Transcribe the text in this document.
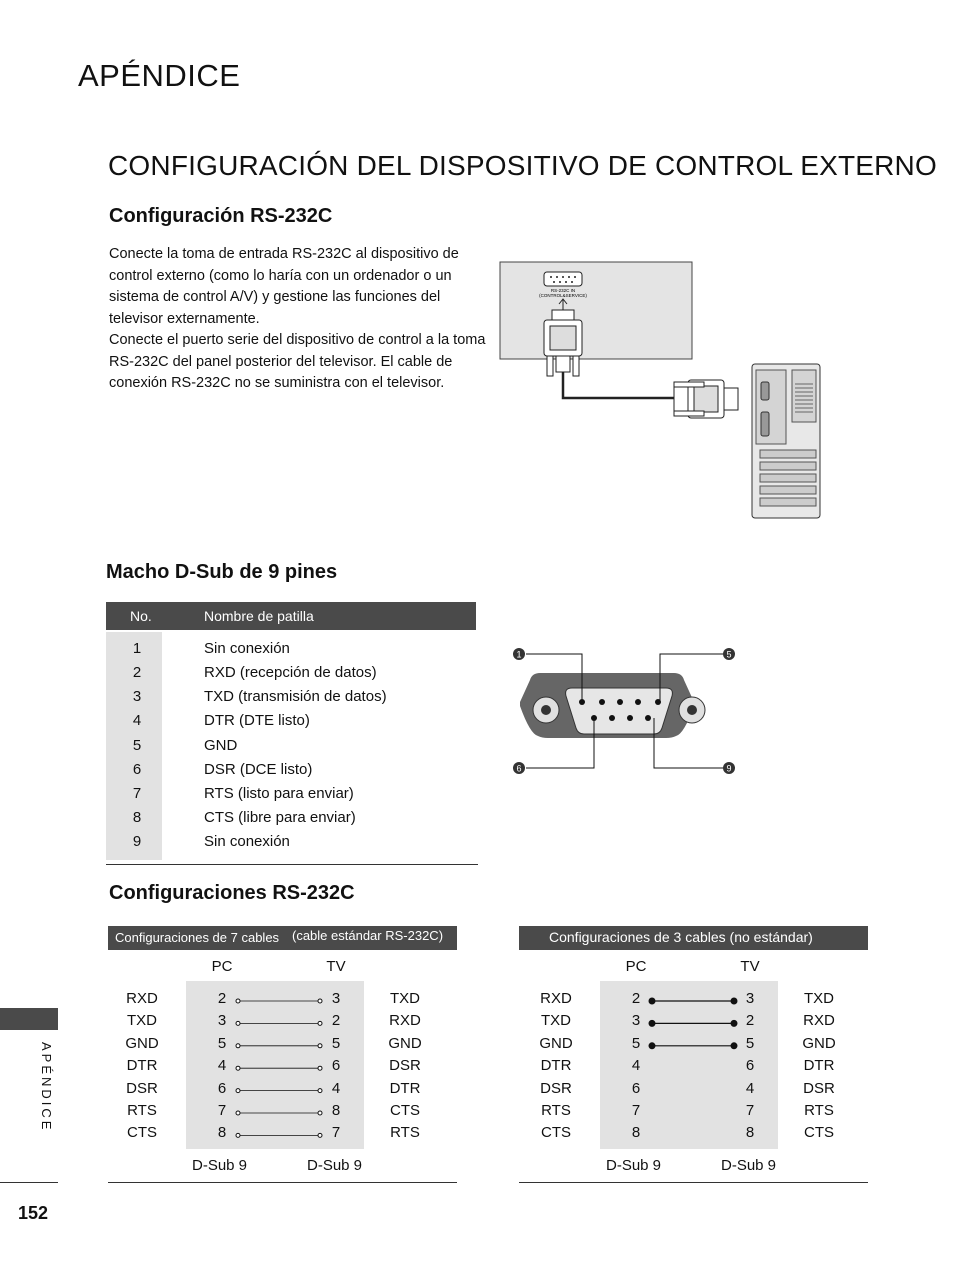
APÉNDICE
CONFIGURACIÓN DEL DISPOSITIVO DE CONTROL EXTERNO
Configuración RS-232C

Conecte la toma de entrada RS-232C al dispositivo de control externo (como lo haría con un ordenador o un sistema de control A/V) y gestione las funciones del televisor externamente.

Conecte el puerto serie del dispositivo de control a la toma RS-232C del panel posterior del televisor. El cable de conexión RS-232C no se suministra con el televisor.

RS-232C IN
(CONTROL&SERVICE)
Macho D-Sub de 9 pines
No.	Nombre de patilla
1	Sin conexión
2	RXD (recepción de datos)
3	TXD (transmisión de datos)
4	DTR (DTE listo)
5	GND
6	DSR (DCE listo)
7	RTS (listo para enviar)
8	CTS (libre para enviar)
9	Sin conexión
1	5
6	9
Configuraciones RS-232C
Configuraciones de 7 cables (cable estándar RS-232C)
PC	TV
D-Sub 9	D-Sub 9
RXD	2	3	TXD
TXD	3	2	RXD
GND	5	5	GND
DTR	4	6	DSR
DSR	6	4	DTR
RTS	7	8	CTS
CTS	8	7	RTS
Configuraciones de 3 cables (no estándar)
PC	TV
D-Sub 9	D-Sub 9
RXD	2	3	TXD
TXD	3	2	RXD
GND	5	5	GND
DTR	4	6	DTR
DSR	6	4	DSR
RTS	7	7	RTS
CTS	8	8	CTS
APÉNDICE
152
